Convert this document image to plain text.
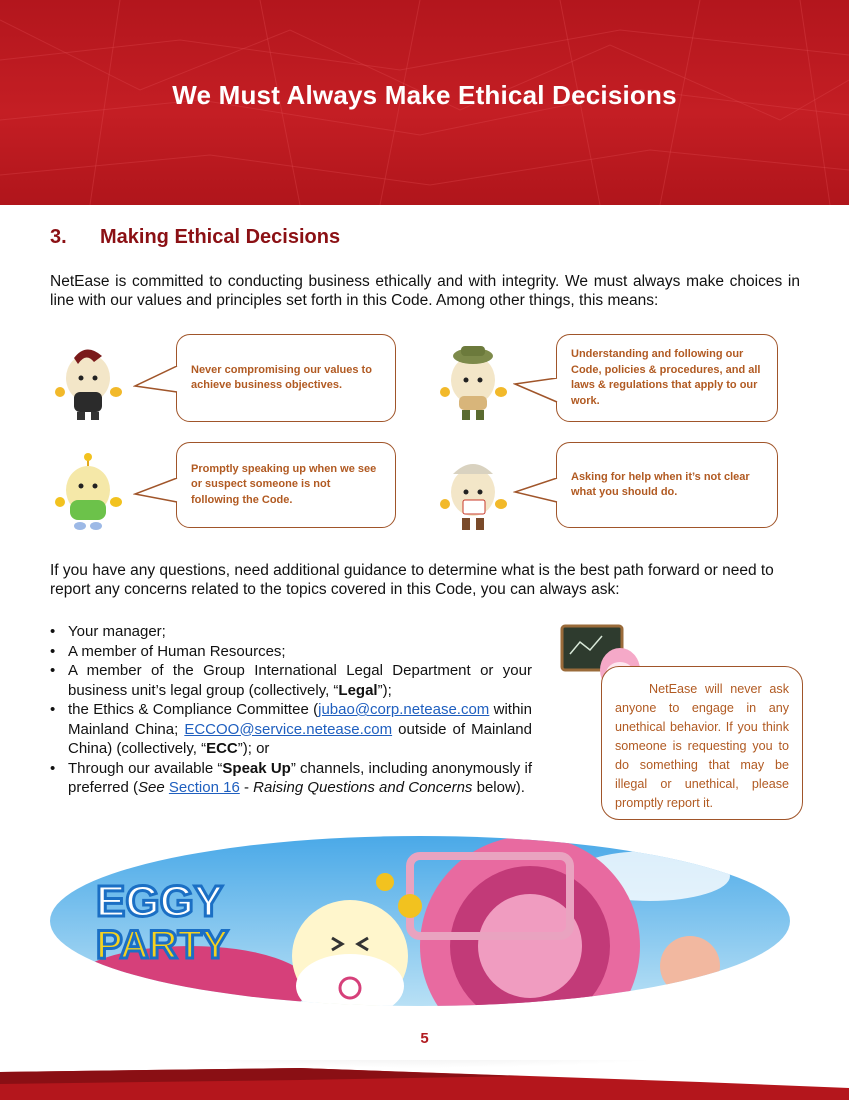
We Must Always Make Ethical Decisions
3.	Making Ethical Decisions

NetEase is committed to conducting business ethically and with integrity. We must always make choices in line with our values and principles set forth in this Code. Among other things, this means:

Never compromising our values to achieve business objectives.
Understanding and following our Code, policies & procedures, and all laws & regulations that apply to our work.
Promptly speaking up when we see or suspect someone is not following the Code.
Asking for help when it’s not clear what you should do.

If you have any questions, need additional guidance to determine what is the best path forward or need to report any concerns related to the topics covered in this Code, you can always ask:

• Your manager;
• A member of Human Resources;
• A member of the Group International Legal Department or your business unit’s legal group (collectively, “Legal”);
• the Ethics & Compliance Committee (jubao@corp.netease.com within Mainland China; ECCOO@service.netease.com outside of Mainland China) (collectively, “ECC”); or
• Through our available “Speak Up” channels, including anonymously if preferred (See Section 16 - Raising Questions and Concerns below).
NetEase will never ask anyone to engage in any unethical behavior. If you think someone is requesting you to do something that may be illegal or unethical, please promptly report it.
EGGY
PARTY
5
